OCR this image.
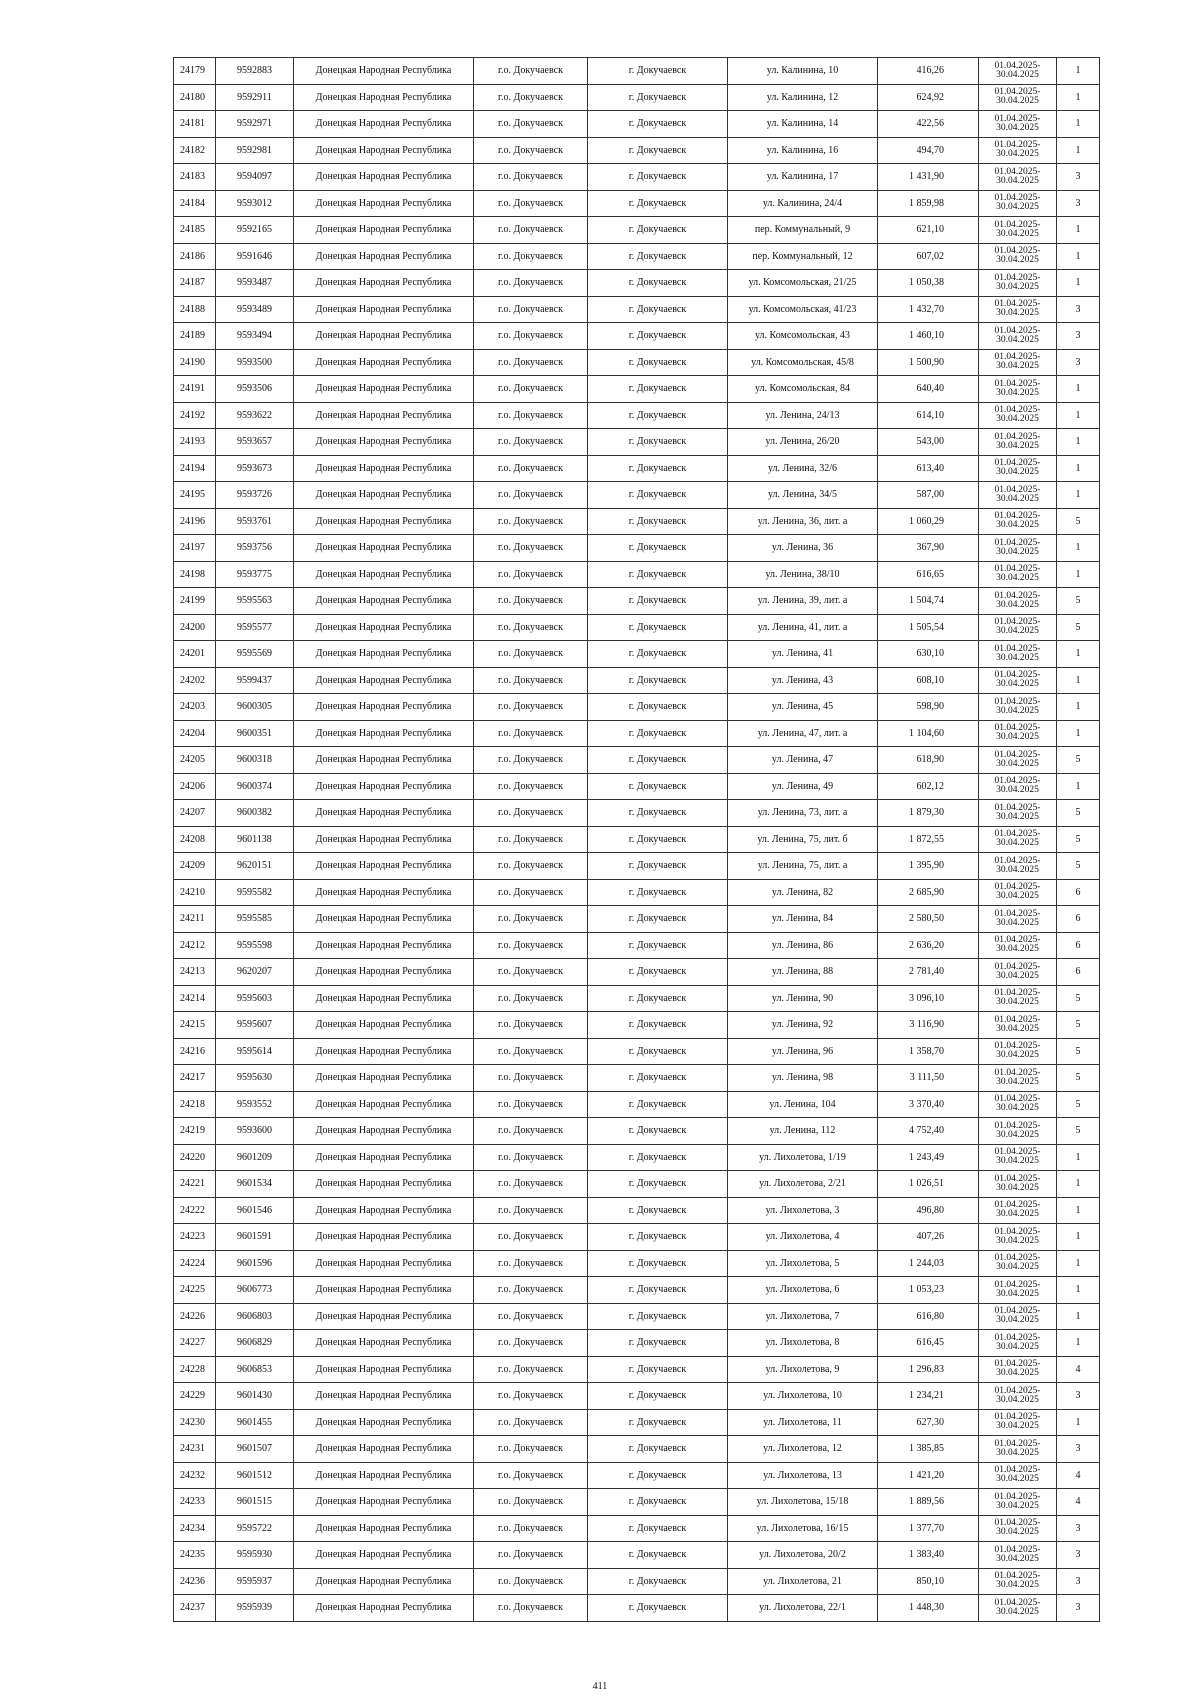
24179	9592883	Донецкая Народная Республика	г.о. Докучаевск	г. Докучаевск	ул. Калинина, 10	416,26	01.04.2025-
30.04.2025	1
24180	9592911	Донецкая Народная Республика	г.о. Докучаевск	г. Докучаевск	ул. Калинина, 12	624,92	01.04.2025-
30.04.2025	1
24181	9592971	Донецкая Народная Республика	г.о. Докучаевск	г. Докучаевск	ул. Калинина, 14	422,56	01.04.2025-
30.04.2025	1
24182	9592981	Донецкая Народная Республика	г.о. Докучаевск	г. Докучаевск	ул. Калинина, 16	494,70	01.04.2025-
30.04.2025	1
24183	9594097	Донецкая Народная Республика	г.о. Докучаевск	г. Докучаевск	ул. Калинина, 17	1 431,90	01.04.2025-
30.04.2025	3
24184	9593012	Донецкая Народная Республика	г.о. Докучаевск	г. Докучаевск	ул. Калинина, 24/4	1 859,98	01.04.2025-
30.04.2025	3
24185	9592165	Донецкая Народная Республика	г.о. Докучаевск	г. Докучаевск	пер. Коммунальный, 9	621,10	01.04.2025-
30.04.2025	1
24186	9591646	Донецкая Народная Республика	г.о. Докучаевск	г. Докучаевск	пер. Коммунальный, 12	607,02	01.04.2025-
30.04.2025	1
24187	9593487	Донецкая Народная Республика	г.о. Докучаевск	г. Докучаевск	ул. Комсомольская, 21/25	1 050,38	01.04.2025-
30.04.2025	1
24188	9593489	Донецкая Народная Республика	г.о. Докучаевск	г. Докучаевск	ул. Комсомольская, 41/23	1 432,70	01.04.2025-
30.04.2025	3
24189	9593494	Донецкая Народная Республика	г.о. Докучаевск	г. Докучаевск	ул. Комсомольская, 43	1 460,10	01.04.2025-
30.04.2025	3
24190	9593500	Донецкая Народная Республика	г.о. Докучаевск	г. Докучаевск	ул. Комсомольская, 45/8	1 500,90	01.04.2025-
30.04.2025	3
24191	9593506	Донецкая Народная Республика	г.о. Докучаевск	г. Докучаевск	ул. Комсомольская, 84	640,40	01.04.2025-
30.04.2025	1
24192	9593622	Донецкая Народная Республика	г.о. Докучаевск	г. Докучаевск	ул. Ленина, 24/13	614,10	01.04.2025-
30.04.2025	1
24193	9593657	Донецкая Народная Республика	г.о. Докучаевск	г. Докучаевск	ул. Ленина, 26/20	543,00	01.04.2025-
30.04.2025	1
24194	9593673	Донецкая Народная Республика	г.о. Докучаевск	г. Докучаевск	ул. Ленина, 32/6	613,40	01.04.2025-
30.04.2025	1
24195	9593726	Донецкая Народная Республика	г.о. Докучаевск	г. Докучаевск	ул. Ленина, 34/5	587,00	01.04.2025-
30.04.2025	1
24196	9593761	Донецкая Народная Республика	г.о. Докучаевск	г. Докучаевск	ул. Ленина, 36, лит. а	1 060,29	01.04.2025-
30.04.2025	5
24197	9593756	Донецкая Народная Республика	г.о. Докучаевск	г. Докучаевск	ул. Ленина, 36	367,90	01.04.2025-
30.04.2025	1
24198	9593775	Донецкая Народная Республика	г.о. Докучаевск	г. Докучаевск	ул. Ленина, 38/10	616,65	01.04.2025-
30.04.2025	1
24199	9595563	Донецкая Народная Республика	г.о. Докучаевск	г. Докучаевск	ул. Ленина, 39, лит. а	1 504,74	01.04.2025-
30.04.2025	5
24200	9595577	Донецкая Народная Республика	г.о. Докучаевск	г. Докучаевск	ул. Ленина, 41, лит. а	1 505,54	01.04.2025-
30.04.2025	5
24201	9595569	Донецкая Народная Республика	г.о. Докучаевск	г. Докучаевск	ул. Ленина, 41	630,10	01.04.2025-
30.04.2025	1
24202	9599437	Донецкая Народная Республика	г.о. Докучаевск	г. Докучаевск	ул. Ленина, 43	608,10	01.04.2025-
30.04.2025	1
24203	9600305	Донецкая Народная Республика	г.о. Докучаевск	г. Докучаевск	ул. Ленина, 45	598,90	01.04.2025-
30.04.2025	1
24204	9600351	Донецкая Народная Республика	г.о. Докучаевск	г. Докучаевск	ул. Ленина, 47, лит. а	1 104,60	01.04.2025-
30.04.2025	1
24205	9600318	Донецкая Народная Республика	г.о. Докучаевск	г. Докучаевск	ул. Ленина, 47	618,90	01.04.2025-
30.04.2025	5
24206	9600374	Донецкая Народная Республика	г.о. Докучаевск	г. Докучаевск	ул. Ленина, 49	602,12	01.04.2025-
30.04.2025	1
24207	9600382	Донецкая Народная Республика	г.о. Докучаевск	г. Докучаевск	ул. Ленина, 73, лит. а	1 879,30	01.04.2025-
30.04.2025	5
24208	9601138	Донецкая Народная Республика	г.о. Докучаевск	г. Докучаевск	ул. Ленина, 75, лит. б	1 872,55	01.04.2025-
30.04.2025	5
24209	9620151	Донецкая Народная Республика	г.о. Докучаевск	г. Докучаевск	ул. Ленина, 75, лит. а	1 395,90	01.04.2025-
30.04.2025	5
24210	9595582	Донецкая Народная Республика	г.о. Докучаевск	г. Докучаевск	ул. Ленина, 82	2 685,90	01.04.2025-
30.04.2025	6
24211	9595585	Донецкая Народная Республика	г.о. Докучаевск	г. Докучаевск	ул. Ленина, 84	2 580,50	01.04.2025-
30.04.2025	6
24212	9595598	Донецкая Народная Республика	г.о. Докучаевск	г. Докучаевск	ул. Ленина, 86	2 636,20	01.04.2025-
30.04.2025	6
24213	9620207	Донецкая Народная Республика	г.о. Докучаевск	г. Докучаевск	ул. Ленина, 88	2 781,40	01.04.2025-
30.04.2025	6
24214	9595603	Донецкая Народная Республика	г.о. Докучаевск	г. Докучаевск	ул. Ленина, 90	3 096,10	01.04.2025-
30.04.2025	5
24215	9595607	Донецкая Народная Республика	г.о. Докучаевск	г. Докучаевск	ул. Ленина, 92	3 116,90	01.04.2025-
30.04.2025	5
24216	9595614	Донецкая Народная Республика	г.о. Докучаевск	г. Докучаевск	ул. Ленина, 96	1 358,70	01.04.2025-
30.04.2025	5
24217	9595630	Донецкая Народная Республика	г.о. Докучаевск	г. Докучаевск	ул. Ленина, 98	3 111,50	01.04.2025-
30.04.2025	5
24218	9593552	Донецкая Народная Республика	г.о. Докучаевск	г. Докучаевск	ул. Ленина, 104	3 370,40	01.04.2025-
30.04.2025	5
24219	9593600	Донецкая Народная Республика	г.о. Докучаевск	г. Докучаевск	ул. Ленина, 112	4 752,40	01.04.2025-
30.04.2025	5
24220	9601209	Донецкая Народная Республика	г.о. Докучаевск	г. Докучаевск	ул. Лихолетова, 1/19	1 243,49	01.04.2025-
30.04.2025	1
24221	9601534	Донецкая Народная Республика	г.о. Докучаевск	г. Докучаевск	ул. Лихолетова, 2/21	1 026,51	01.04.2025-
30.04.2025	1
24222	9601546	Донецкая Народная Республика	г.о. Докучаевск	г. Докучаевск	ул. Лихолетова, 3	496,80	01.04.2025-
30.04.2025	1
24223	9601591	Донецкая Народная Республика	г.о. Докучаевск	г. Докучаевск	ул. Лихолетова, 4	407,26	01.04.2025-
30.04.2025	1
24224	9601596	Донецкая Народная Республика	г.о. Докучаевск	г. Докучаевск	ул. Лихолетова, 5	1 244,03	01.04.2025-
30.04.2025	1
24225	9606773	Донецкая Народная Республика	г.о. Докучаевск	г. Докучаевск	ул. Лихолетова, 6	1 053,23	01.04.2025-
30.04.2025	1
24226	9606803	Донецкая Народная Республика	г.о. Докучаевск	г. Докучаевск	ул. Лихолетова, 7	616,80	01.04.2025-
30.04.2025	1
24227	9606829	Донецкая Народная Республика	г.о. Докучаевск	г. Докучаевск	ул. Лихолетова, 8	616,45	01.04.2025-
30.04.2025	1
24228	9606853	Донецкая Народная Республика	г.о. Докучаевск	г. Докучаевск	ул. Лихолетова, 9	1 296,83	01.04.2025-
30.04.2025	4
24229	9601430	Донецкая Народная Республика	г.о. Докучаевск	г. Докучаевск	ул. Лихолетова, 10	1 234,21	01.04.2025-
30.04.2025	3
24230	9601455	Донецкая Народная Республика	г.о. Докучаевск	г. Докучаевск	ул. Лихолетова, 11	627,30	01.04.2025-
30.04.2025	1
24231	9601507	Донецкая Народная Республика	г.о. Докучаевск	г. Докучаевск	ул. Лихолетова, 12	1 385,85	01.04.2025-
30.04.2025	3
24232	9601512	Донецкая Народная Республика	г.о. Докучаевск	г. Докучаевск	ул. Лихолетова, 13	1 421,20	01.04.2025-
30.04.2025	4
24233	9601515	Донецкая Народная Республика	г.о. Докучаевск	г. Докучаевск	ул. Лихолетова, 15/18	1 889,56	01.04.2025-
30.04.2025	4
24234	9595722	Донецкая Народная Республика	г.о. Докучаевск	г. Докучаевск	ул. Лихолетова, 16/15	1 377,70	01.04.2025-
30.04.2025	3
24235	9595930	Донецкая Народная Республика	г.о. Докучаевск	г. Докучаевск	ул. Лихолетова, 20/2	1 383,40	01.04.2025-
30.04.2025	3
24236	9595937	Донецкая Народная Республика	г.о. Докучаевск	г. Докучаевск	ул. Лихолетова, 21	850,10	01.04.2025-
30.04.2025	3
24237	9595939	Донецкая Народная Республика	г.о. Докучаевск	г. Докучаевск	ул. Лихолетова, 22/1	1 448,30	01.04.2025-
30.04.2025	3
411
